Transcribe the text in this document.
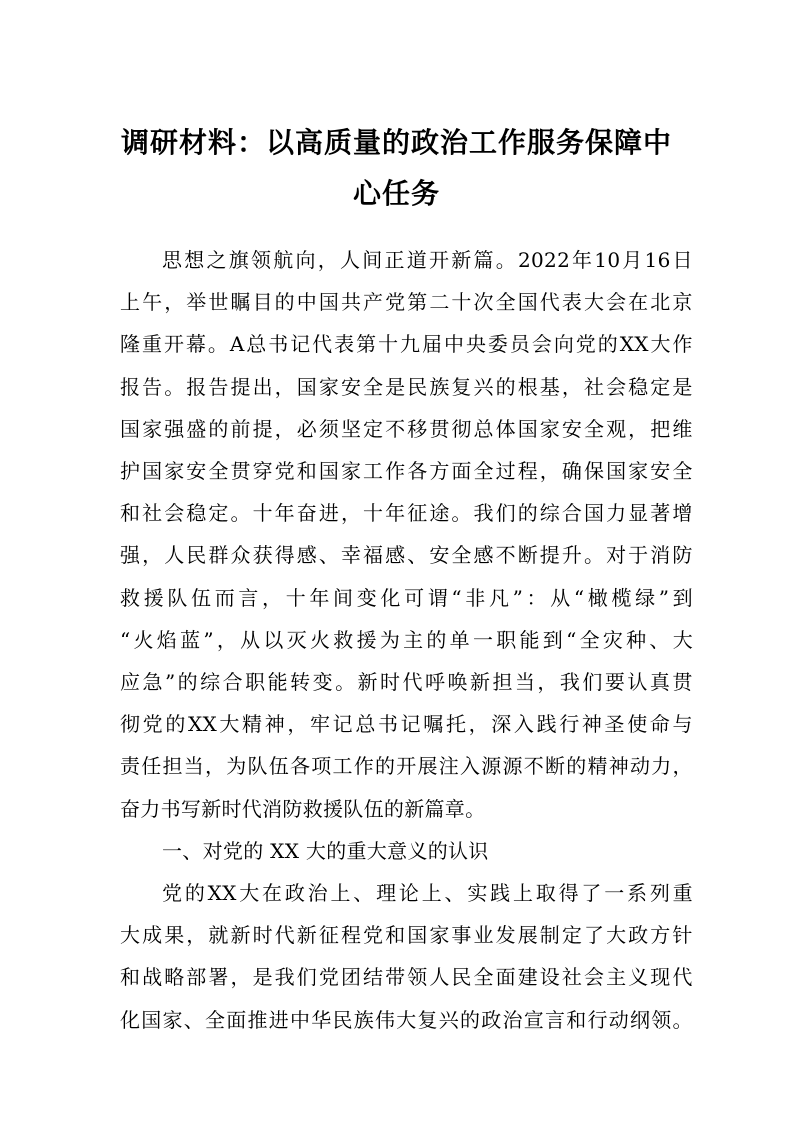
调研材料：以高质量的政治工作服务保障中
心任务
思 想 之 旗 领 航 向 ， 人 间 正 道 开 新 篇 。 2022 年 10 月 16 日
上 午 ， 举 世 瞩 目 的 中 国 共 产 党 第 二 十 次 全 国 代 表 大 会 在 北 京
隆 重 开 幕 。 A 总 书 记 代 表 第 十 九 届 中 央 委 员 会 向 党 的 XX 大 作
报 告 。 报 告 提 出 ， 国 家 安 全 是 民 族 复 兴 的 根 基 ， 社 会 稳 定 是
国 家 强 盛 的 前 提 ， 必 须 坚 定 不 移 贯 彻 总 体 国 家 安 全 观 ， 把 维
护 国 家 安 全 贯 穿 党 和 国 家 工 作 各 方 面 全 过 程 ， 确 保 国 家 安 全
和 社 会 稳 定 。 十 年 奋 进 ， 十 年 征 途 。 我 们 的 综 合 国 力 显 著 增
强 ， 人 民 群 众 获 得 感 、 幸 福 感 、 安 全 感 不 断 提 升 。 对 于 消 防
救 援 队 伍 而 言 ， 十 年 间 变 化 可 谓 “ 非 凡 ” ： 从 “ 橄 榄 绿 ” 到
“ 火 焰 蓝 ” ， 从 以 灭 火 救 援 为 主 的 单 一 职 能 到 “ 全 灾 种 、 大
应 急 ” 的 综 合 职 能 转 变 。 新 时 代 呼 唤 新 担 当 ， 我 们 要 认 真 贯
彻 党 的 XX 大 精 神 ， 牢 记 总 书 记 嘱 托 ， 深 入 践 行 神 圣 使 命 与
责 任 担 当 ， 为 队 伍 各 项 工 作 的 开 展 注 入 源 源 不 断 的 精 神 动 力 ，
奋力书写新时代消防救援队伍的新篇章。
一、对党的 XX 大的重大意义的认识
党 的 XX 大 在 政 治 上 、 理 论 上 、 实 践 上 取 得 了 一 系 列 重
大 成 果 ， 就 新 时 代 新 征 程 党 和 国 家 事 业 发 展 制 定 了 大 政 方 针
和 战 略 部 署 ， 是 我 们 党 团 结 带 领 人 民 全 面 建 设 社 会 主 义 现 代
化 国 家 、 全 面 推 进 中 华 民 族 伟 大 复 兴 的 政 治 宣 言 和 行 动 纲 领 。
